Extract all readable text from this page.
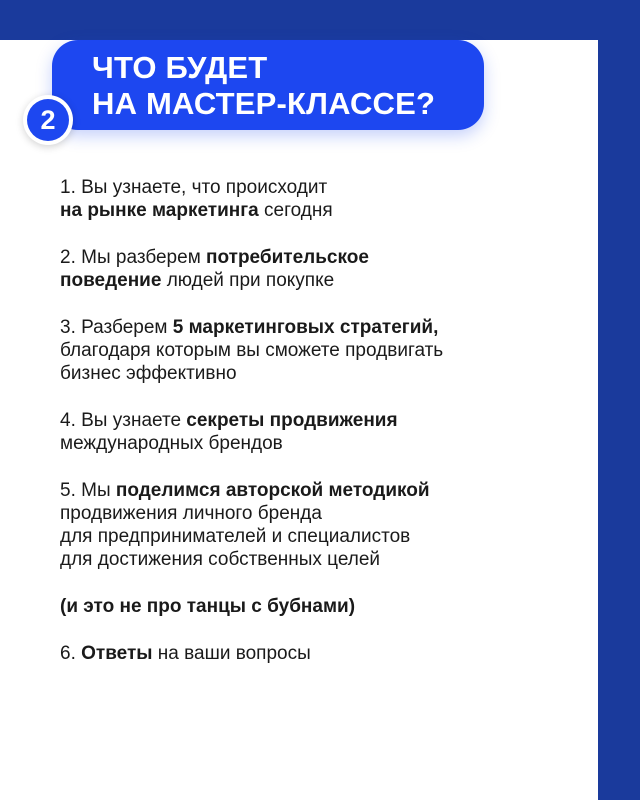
ЧТО БУДЕТ
НА МАСТЕР-КЛАССЕ?
2
1. Вы узнаете, что происходит
на рынке маркетинга сегодня
2. Мы разберем потребительское
поведение людей при покупке
3. Разберем 5 маркетинговых стратегий,
благодаря которым вы сможете продвигать
бизнес эффективно
4. Вы узнаете секреты продвижения
международных брендов
5. Мы поделимся авторской методикой
продвижения личного бренда
для предпринимателей и специалистов
для достижения собственных целей
(и это не про танцы с бубнами)
6. Ответы на ваши вопросы
